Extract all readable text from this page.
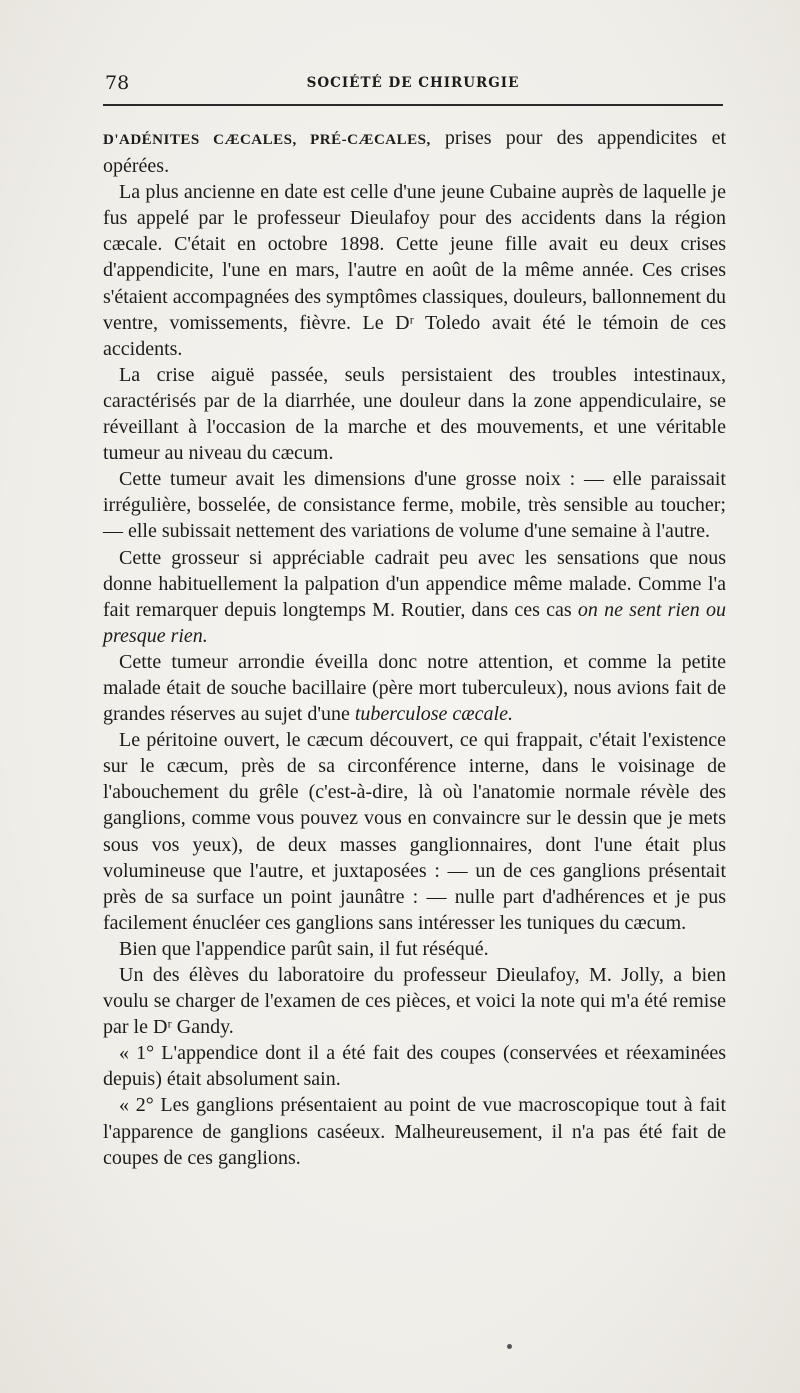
78	SOCIÉTÉ DE CHIRURGIE

D'ADÉNITES CÆCALES, PRÉ-CÆCALES, prises pour des appendicites et opérées.

La plus ancienne en date est celle d'une jeune Cubaine auprès de laquelle je fus appelé par le professeur Dieulafoy pour des accidents dans la région cæcale. C'était en octobre 1898. Cette jeune fille avait eu deux crises d'appendicite, l'une en mars, l'autre en août de la même année. Ces crises s'étaient accompagnées des symptômes classiques, douleurs, ballonnement du ventre, vomissements, fièvre. Le Dʳ Toledo avait été le témoin de ces accidents.

La crise aiguë passée, seuls persistaient des troubles intestinaux, caractérisés par de la diarrhée, une douleur dans la zone appendiculaire, se réveillant à l'occasion de la marche et des mouvements, et une véritable tumeur au niveau du cæcum.

Cette tumeur avait les dimensions d'une grosse noix : — elle paraissait irrégulière, bosselée, de consistance ferme, mobile, très sensible au toucher; — elle subissait nettement des variations de volume d'une semaine à l'autre.

Cette grosseur si appréciable cadrait peu avec les sensations que nous donne habituellement la palpation d'un appendice même malade. Comme l'a fait remarquer depuis longtemps M. Routier, dans ces cas on ne sent rien ou presque rien.

Cette tumeur arrondie éveilla donc notre attention, et comme la petite malade était de souche bacillaire (père mort tuberculeux), nous avions fait de grandes réserves au sujet d'une tuberculose cæcale.

Le péritoine ouvert, le cæcum découvert, ce qui frappait, c'était l'existence sur le cæcum, près de sa circonférence interne, dans le voisinage de l'abouchement du grêle (c'est-à-dire, là où l'anatomie normale révèle des ganglions, comme vous pouvez vous en convaincre sur le dessin que je mets sous vos yeux), de deux masses ganglionnaires, dont l'une était plus volumineuse que l'autre, et juxtaposées : — un de ces ganglions présentait près de sa surface un point jaunâtre : — nulle part d'adhérences et je pus facilement énucléer ces ganglions sans intéresser les tuniques du cæcum.

Bien que l'appendice parût sain, il fut réséqué.

Un des élèves du laboratoire du professeur Dieulafoy, M. Jolly, a bien voulu se charger de l'examen de ces pièces, et voici la note qui m'a été remise par le Dʳ Gandy.

« 1° L'appendice dont il a été fait des coupes (conservées et réexaminées depuis) était absolument sain.

« 2° Les ganglions présentaient au point de vue macroscopique tout à fait l'apparence de ganglions caséeux. Malheureusement, il n'a pas été fait de coupes de ces ganglions.
